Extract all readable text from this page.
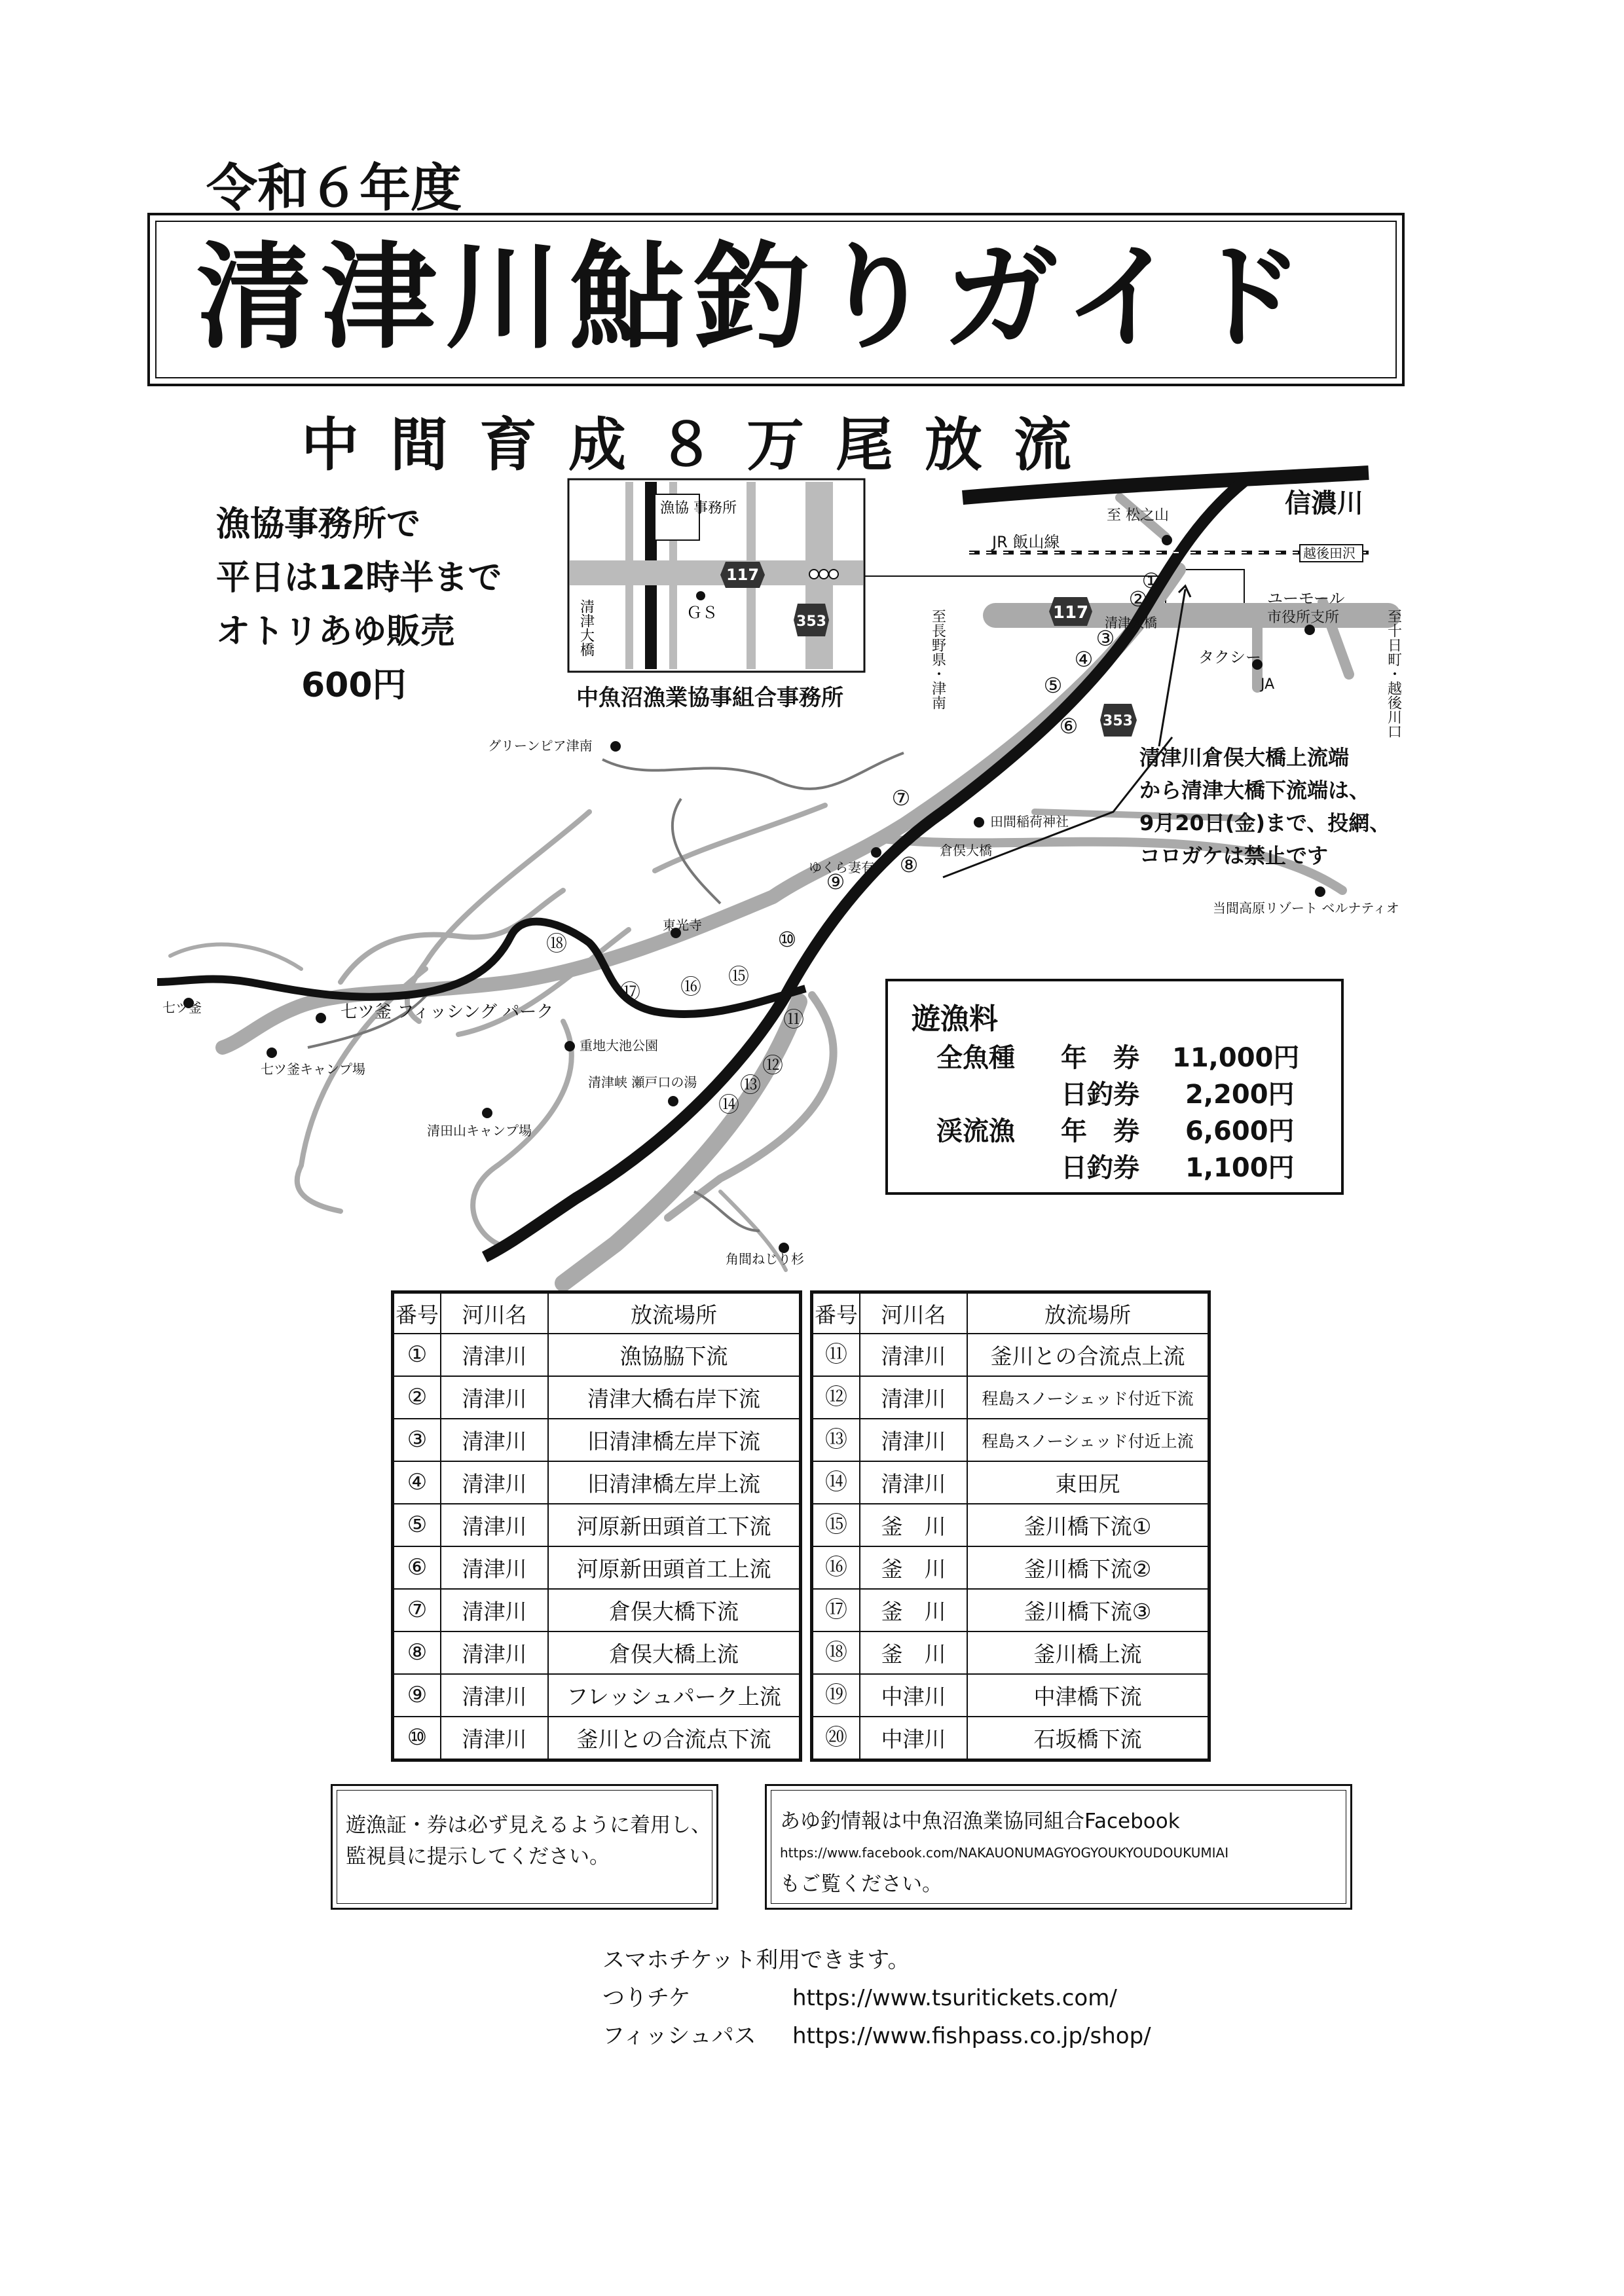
令和６年度
清津川鮎釣りガイド
中間育成８万尾放流
漁協事務所で
平日は12時半まで
オトリあゆ販売
600円
漁協 事務所
ＧＳ
清津大橋
117
353	117
353
①
②
③
④
⑤
⑥
⑦
⑧
⑨
⑩
⑪
⑫
⑬
⑭
⑮
⑯
⑰
⑱
信濃川
JR 飯山線
至 松之山
越後田沢
至長野県・津南	至十日町・越後川口
ユーモール
市役所支所
タクシー
JA
清津大橋
グリーンピア津南
田間稲荷神社
倉俣大橋
ゆくら妻有
東光寺
当間高原リゾート ベルナティオ
七ツ釜	七ツ釜 フィッシング パーク
七ツ釜キャンプ場
重地大池公園
清津峡 瀬戸口の湯
清田山キャンプ場
角間ねじり杉
中魚沼漁業協事組合事務所
清津川倉俣大橋上流端
から清津大橋下流端は、
9月20日(金)まで、投網、
コロガケは禁止です
遊漁料
全魚種 年　券 11,000円
日釣券 2,200円
渓流漁 年　券 6,600円
日釣券 1,100円
番号	河川名	放流場所
①	清津川	漁協脇下流
②	清津川	清津大橋右岸下流
③	清津川	旧清津橋左岸下流
④	清津川	旧清津橋左岸上流
⑤	清津川	河原新田頭首工下流
⑥	清津川	河原新田頭首工上流
⑦	清津川	倉俣大橋下流
⑧	清津川	倉俣大橋上流
⑨	清津川	フレッシュパーク上流
⑩	清津川	釜川との合流点下流
番号	河川名	放流場所
⑪	清津川	釜川との合流点上流
⑫	清津川	程島スノーシェッド付近下流
⑬	清津川	程島スノーシェッド付近上流
⑭	清津川	東田尻
⑮	釜　川	釜川橋下流①
⑯	釜　川	釜川橋下流②
⑰	釜　川	釜川橋下流③
⑱	釜　川	釜川橋上流
⑲	中津川	中津橋下流
⑳	中津川	石坂橋下流
遊漁証・券は必ず見えるように着用し、
監視員に提示してください。
あゆ釣情報は中魚沼漁業協同組合Facebook
https://www.facebook.com/NAKAUONUMAGYOGYOUKYOUDOUKUMIAI
もご覧ください。
スマホチケット利用できます。
つりチケ	https://www.tsuritickets.com/
フィッシュパス https://www.fishpass.co.jp/shop/
